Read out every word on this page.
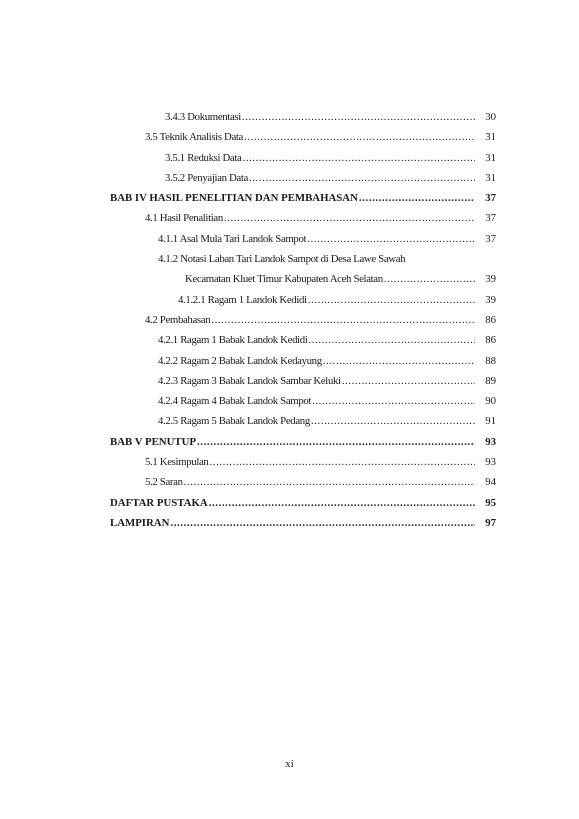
3.4.3 Dokumentasi .....	30
3.5 Teknik Analisis Data .....	31
3.5.1 Reduksi Data .....	31
3.5.2 Penyajian Data .....	31
BAB IV HASIL PENELITIAN DAN PEMBAHASAN .....	37
4.1 Hasil Penalitian .....	37
4.1.1 Asal Mula Tari Landok Sampot .....	37
4.1.2 Notasi Laban Tari Landok Sampot di Desa Lawe Sawah
Kecamatan Kluet Timur Kabupaten Aceh Selatan .....	39
4.1.2.1 Ragam 1 Landok Kedidi .....	39
4.2 Pembahasan .....	86
4.2.1 Ragam 1 Babak Landok Kedidi .....	86
4.2.2 Ragam 2 Babak Landok Kedayung .....	88
4.2.3 Ragam 3 Babak Landok Sambar Keluki .....	89
4.2.4 Ragam 4 Babak Landok Sampot .....	90
4.2.5 Ragam 5 Babak Landok Pedang .....	91
BAB V PENUTUP .....	93
5.1 Kesimpulan .....	93
5.2 Saran .....	94
DAFTAR PUSTAKA .....	95
LAMPIRAN .....	97
xi
